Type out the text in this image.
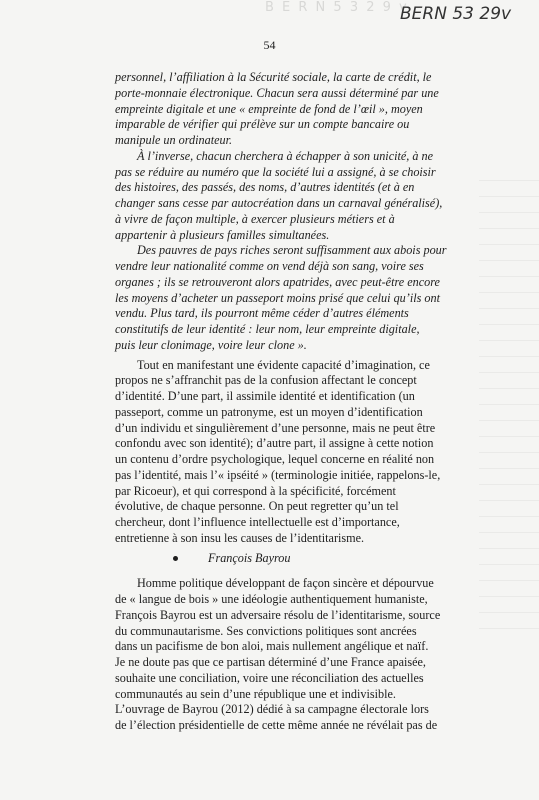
B E R N 5 3 2 9 v
BERN 53 29v
54

personnel, l’affiliation à la Sécurité sociale, la carte de crédit, le
porte-monnaie électronique. Chacun sera aussi déterminé par une
empreinte digitale et une « empreinte de fond de l’œil », moyen
imparable de vérifier qui prélève sur un compte bancaire ou
manipule un ordinateur.

À l’inverse, chacun cherchera à échapper à son unicité, à ne
pas se réduire au numéro que la société lui a assigné, à se choisir
des histoires, des passés, des noms, d’autres identités (et à en
changer sans cesse par autocréation dans un carnaval généralisé),
à vivre de façon multiple, à exercer plusieurs métiers et à
appartenir à plusieurs familles simultanées.

Des pauvres de pays riches seront suffisamment aux abois pour
vendre leur nationalité comme on vend déjà son sang, voire ses
organes ; ils se retrouveront alors apatrides, avec peut-être encore
les moyens d’acheter un passeport moins prisé que celui qu’ils ont
vendu. Plus tard, ils pourront même céder d’autres éléments
constitutifs de leur identité : leur nom, leur empreinte digitale,
puis leur clonimage, voire leur clone ».

Tout en manifestant une évidente capacité d’imagination, ce
propos ne s’affranchit pas de la confusion affectant le concept
d’identité. D’une part, il assimile identité et identification (un
passeport, comme un patronyme, est un moyen d’identification
d’un individu et singulièrement d’une personne, mais ne peut être
confondu avec son identité); d’autre part, il assigne à cette notion
un contenu d’ordre psychologique, lequel concerne en réalité non
pas l’identité, mais l’« ipséité » (terminologie initiée, rappelons-le,
par Ricoeur), et qui correspond à la spécificité, forcément
évolutive, de chaque personne. On peut regretter qu’un tel
chercheur, dont l’influence intellectuelle est d’importance,
entretienne à son insu les causes de l’identitarisme.

François Bayrou

Homme politique développant de façon sincère et dépourvue
de « langue de bois » une idéologie authentiquement humaniste,
François Bayrou est un adversaire résolu de l’identitarisme, source
du communautarisme. Ses convictions politiques sont ancrées
dans un pacifisme de bon aloi, mais nullement angélique et naïf.
Je ne doute pas que ce partisan déterminé d’une France apaisée,
souhaite une conciliation, voire une réconciliation des actuelles
communautés au sein d’une république une et indivisible.
L’ouvrage de Bayrou (2012) dédié à sa campagne électorale lors
de l’élection présidentielle de cette même année ne révélait pas de
